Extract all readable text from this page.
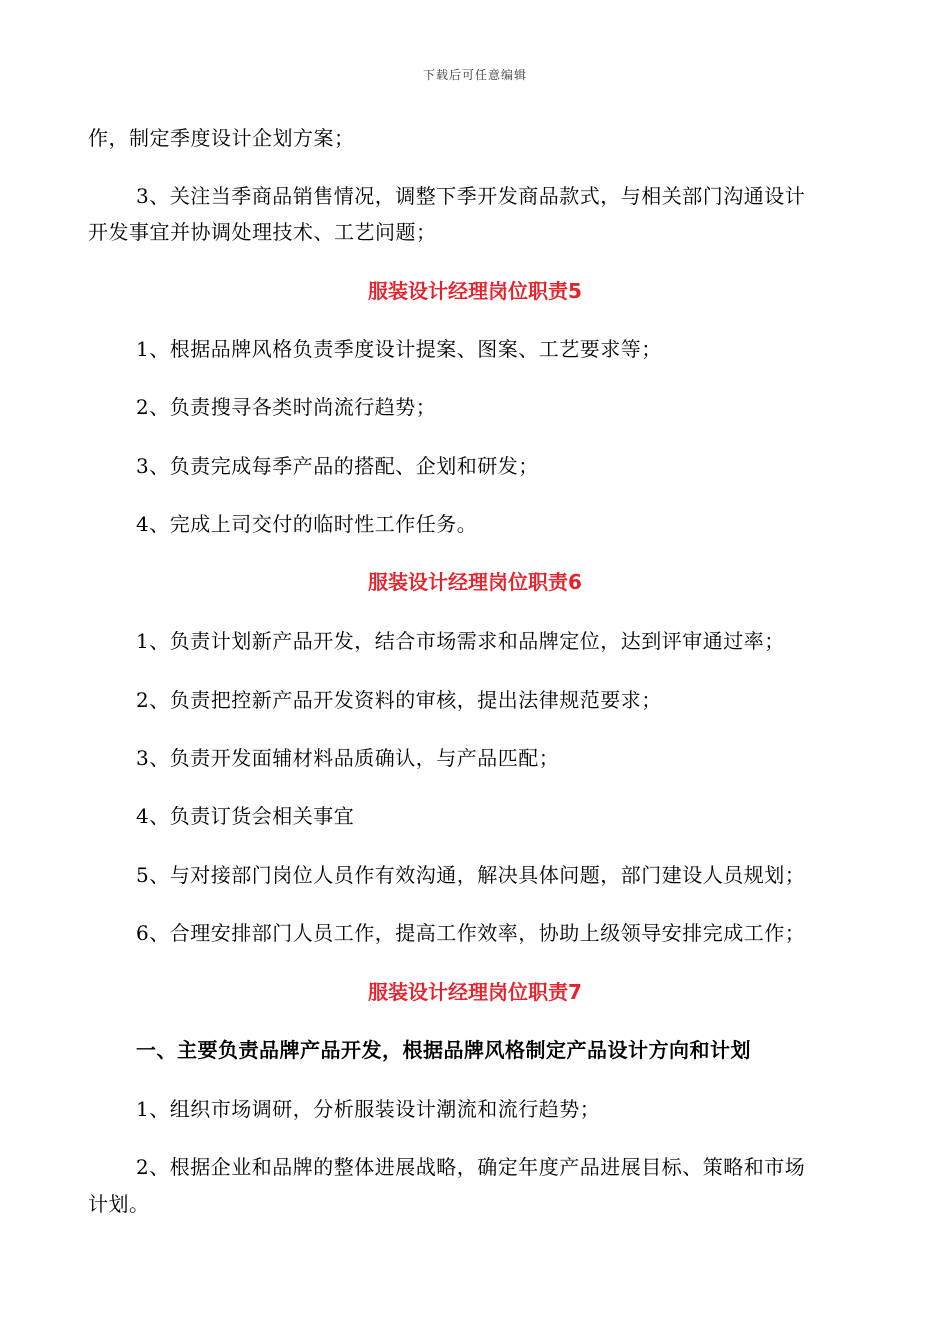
下载后可任意编辑
作，制定季度设计企划方案；
3、关注当季商品销售情况，调整下季开发商品款式，与相关部门沟通设计
开发事宜并协调处理技术、工艺问题；
服装设计经理岗位职责5
1、根据品牌风格负责季度设计提案、图案、工艺要求等；
2、负责搜寻各类时尚流行趋势；
3、负责完成每季产品的搭配、企划和研发；
4、完成上司交付的临时性工作任务。
服装设计经理岗位职责6
1、负责计划新产品开发，结合市场需求和品牌定位，达到评审通过率；
2、负责把控新产品开发资料的审核，提出法律规范要求；
3、负责开发面辅材料品质确认，与产品匹配；
4、负责订货会相关事宜
5、与对接部门岗位人员作有效沟通，解决具体问题，部门建设人员规划；
6、合理安排部门人员工作，提高工作效率，协助上级领导安排完成工作；
服装设计经理岗位职责7
一、主要负责品牌产品开发，根据品牌风格制定产品设计方向和计划
1、组织市场调研，分析服装设计潮流和流行趋势；
2、根据企业和品牌的整体进展战略，确定年度产品进展目标、策略和市场
计划。
